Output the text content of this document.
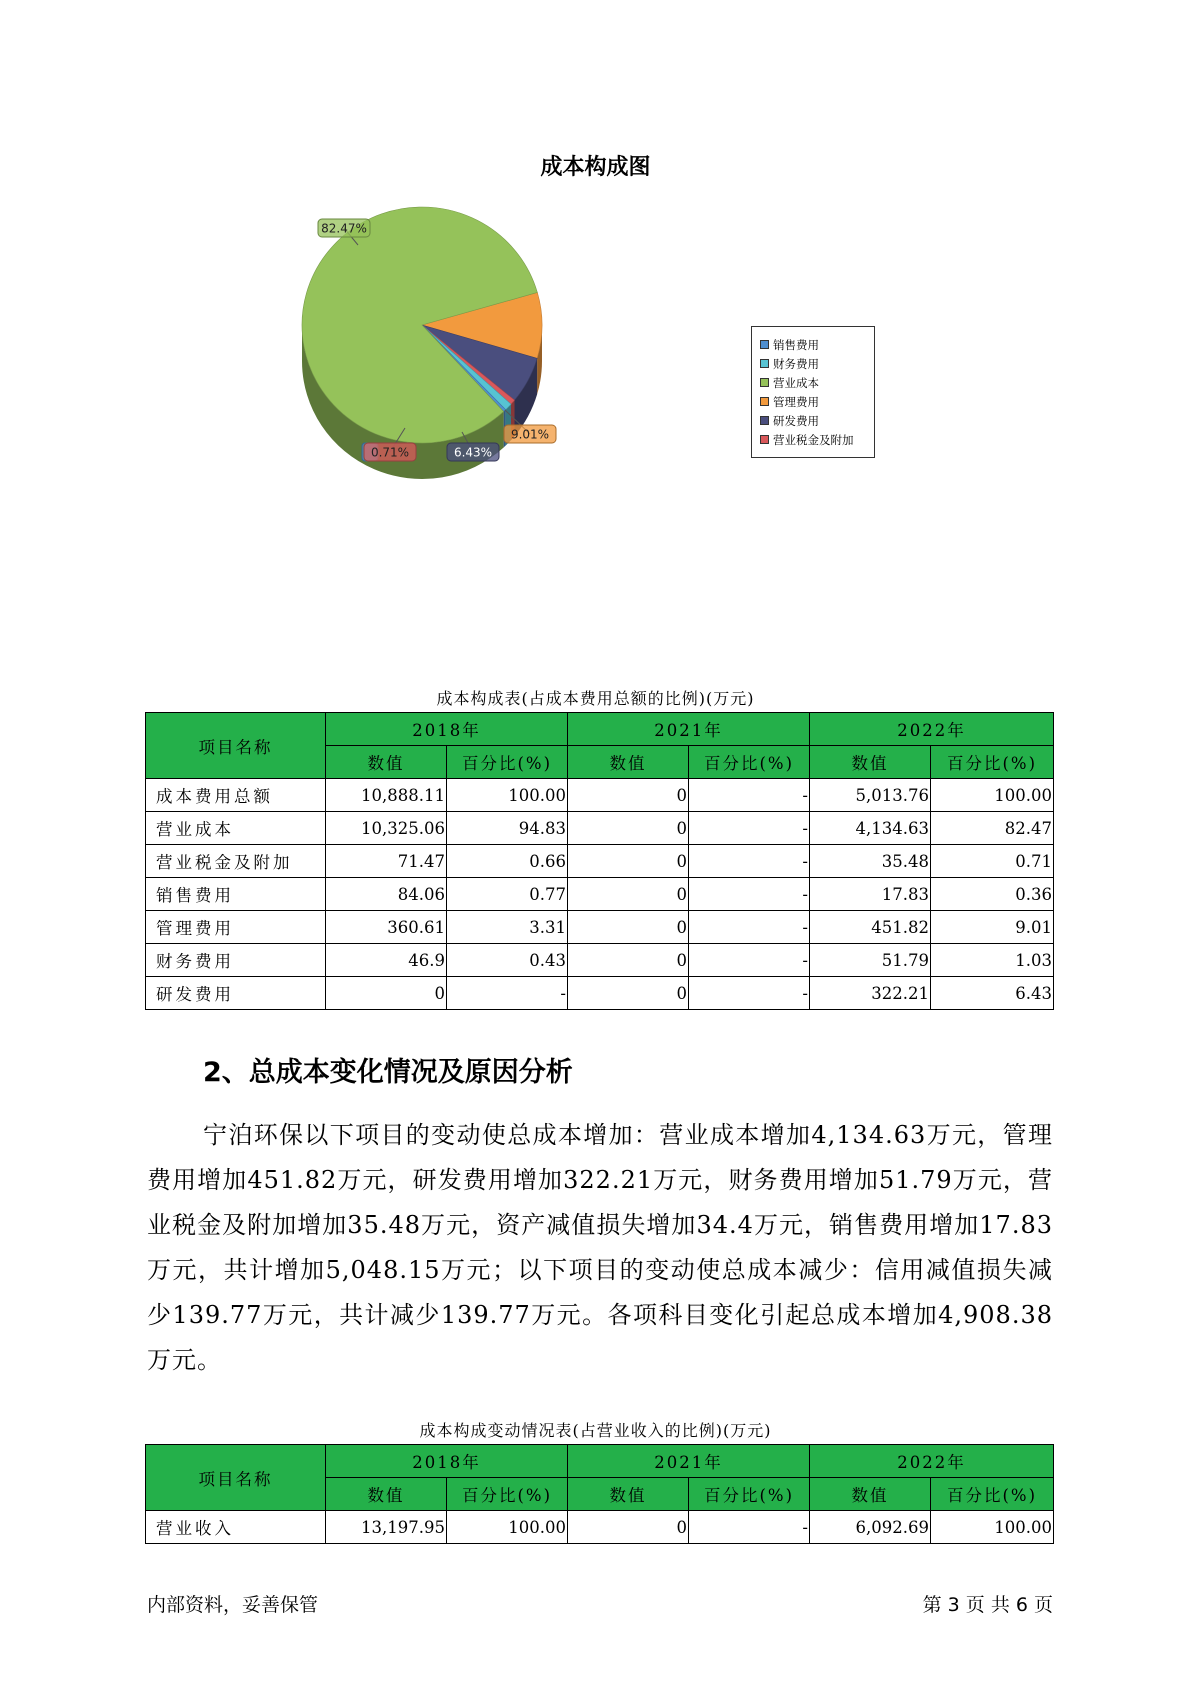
成本构成图
82.47%
9.01%
6.43%
0.71%
销售费用
财务费用
营业成本
管理费用
研发费用
营业税金及附加
成本构成表(占成本费用总额的比例)(万元)
项目名称	2018年		2021年		2022年	
	数值	百分比(%)	数值	百分比(%)	数值	百分比(%)
成本费用总额	10,888.11	100.00	0	-	5,013.76	100.00
营业成本	10,325.06	94.83	0	-	4,134.63	82.47
营业税金及附加	71.47	0.66	0	-	35.48	0.71
销售费用	84.06	0.77	0	-	17.83	0.36
管理费用	360.61	3.31	0	-	451.82	9.01
财务费用	46.9	0.43	0	-	51.79	1.03
研发费用	0	-	0	-	322.21	6.43
2、总成本变化情况及原因分析
宁泊环保以下项目的变动使总成本增加：营业成本增加4,134.63万元，管理费用增加451.82万元，研发费用增加322.21万元，财务费用增加51.79万元，营业税金及附加增加35.48万元，资产减值损失增加34.4万元，销售费用增加17.83万元，共计增加5,048.15万元；以下项目的变动使总成本减少：信用减值损失减少139.77万元，共计减少139.77万元。各项科目变化引起总成本增加4,908.38万元。
成本构成变动情况表(占营业收入的比例)(万元)
项目名称	2018年		2021年		2022年	
	数值	百分比(%)	数值	百分比(%)	数值	百分比(%)
营业收入	13,197.95	100.00	0	-	6,092.69	100.00
内部资料，妥善保管	第 3 页 共 6 页
